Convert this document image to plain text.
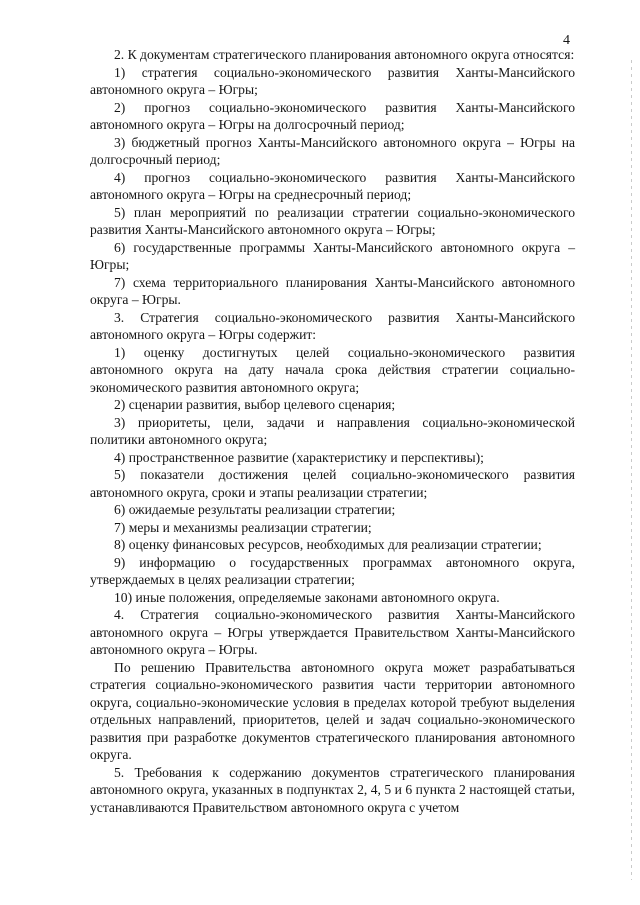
4

2. К документам стратегического планирования автономного округа относятся:

1) стратегия социально-экономического развития Ханты-Мансийского автономного округа – Югры;

2) прогноз социально-экономического развития Ханты-Мансийского автономного округа – Югры на долгосрочный период;

3) бюджетный прогноз Ханты-Мансийского автономного округа – Югры на долгосрочный период;

4) прогноз социально-экономического развития Ханты-Мансийского автономного округа – Югры на среднесрочный период;

5) план мероприятий по реализации стратегии социально-экономического развития Ханты-Мансийского автономного округа – Югры;

6) государственные программы Ханты-Мансийского автономного округа – Югры;

7) схема территориального планирования Ханты-Мансийского автономного округа – Югры.

3. Стратегия социально-экономического развития Ханты-Мансийского автономного округа – Югры содержит:

1) оценку достигнутых целей социально-экономического развития автономного округа на дату начала срока действия стратегии социально-экономического развития автономного округа;

2) сценарии развития, выбор целевого сценария;

3) приоритеты, цели, задачи и направления социально-экономической политики автономного округа;

4) пространственное развитие (характеристику и перспективы);

5) показатели достижения целей социально-экономического развития автономного округа, сроки и этапы реализации стратегии;

6) ожидаемые результаты реализации стратегии;

7) меры и механизмы реализации стратегии;

8) оценку финансовых ресурсов, необходимых для реализации стратегии;

9) информацию о государственных программах автономного округа, утверждаемых в целях реализации стратегии;

10) иные положения, определяемые законами автономного округа.

4. Стратегия социально-экономического развития Ханты-Мансийского автономного округа – Югры утверждается Правительством Ханты-Мансийского автономного округа – Югры.

По решению Правительства автономного округа может разрабатываться стратегия социально-экономического развития части территории автономного округа, социально-экономические условия в пределах которой требуют выделения отдельных направлений, приоритетов, целей и задач социально-экономического развития при разработке документов стратегического планирования автономного округа.

5. Требования к содержанию документов стратегического планирования автономного округа, указанных в подпунктах 2, 4, 5 и 6 пункта 2 настоящей статьи, устанавливаются Правительством автономного округа с учетом
